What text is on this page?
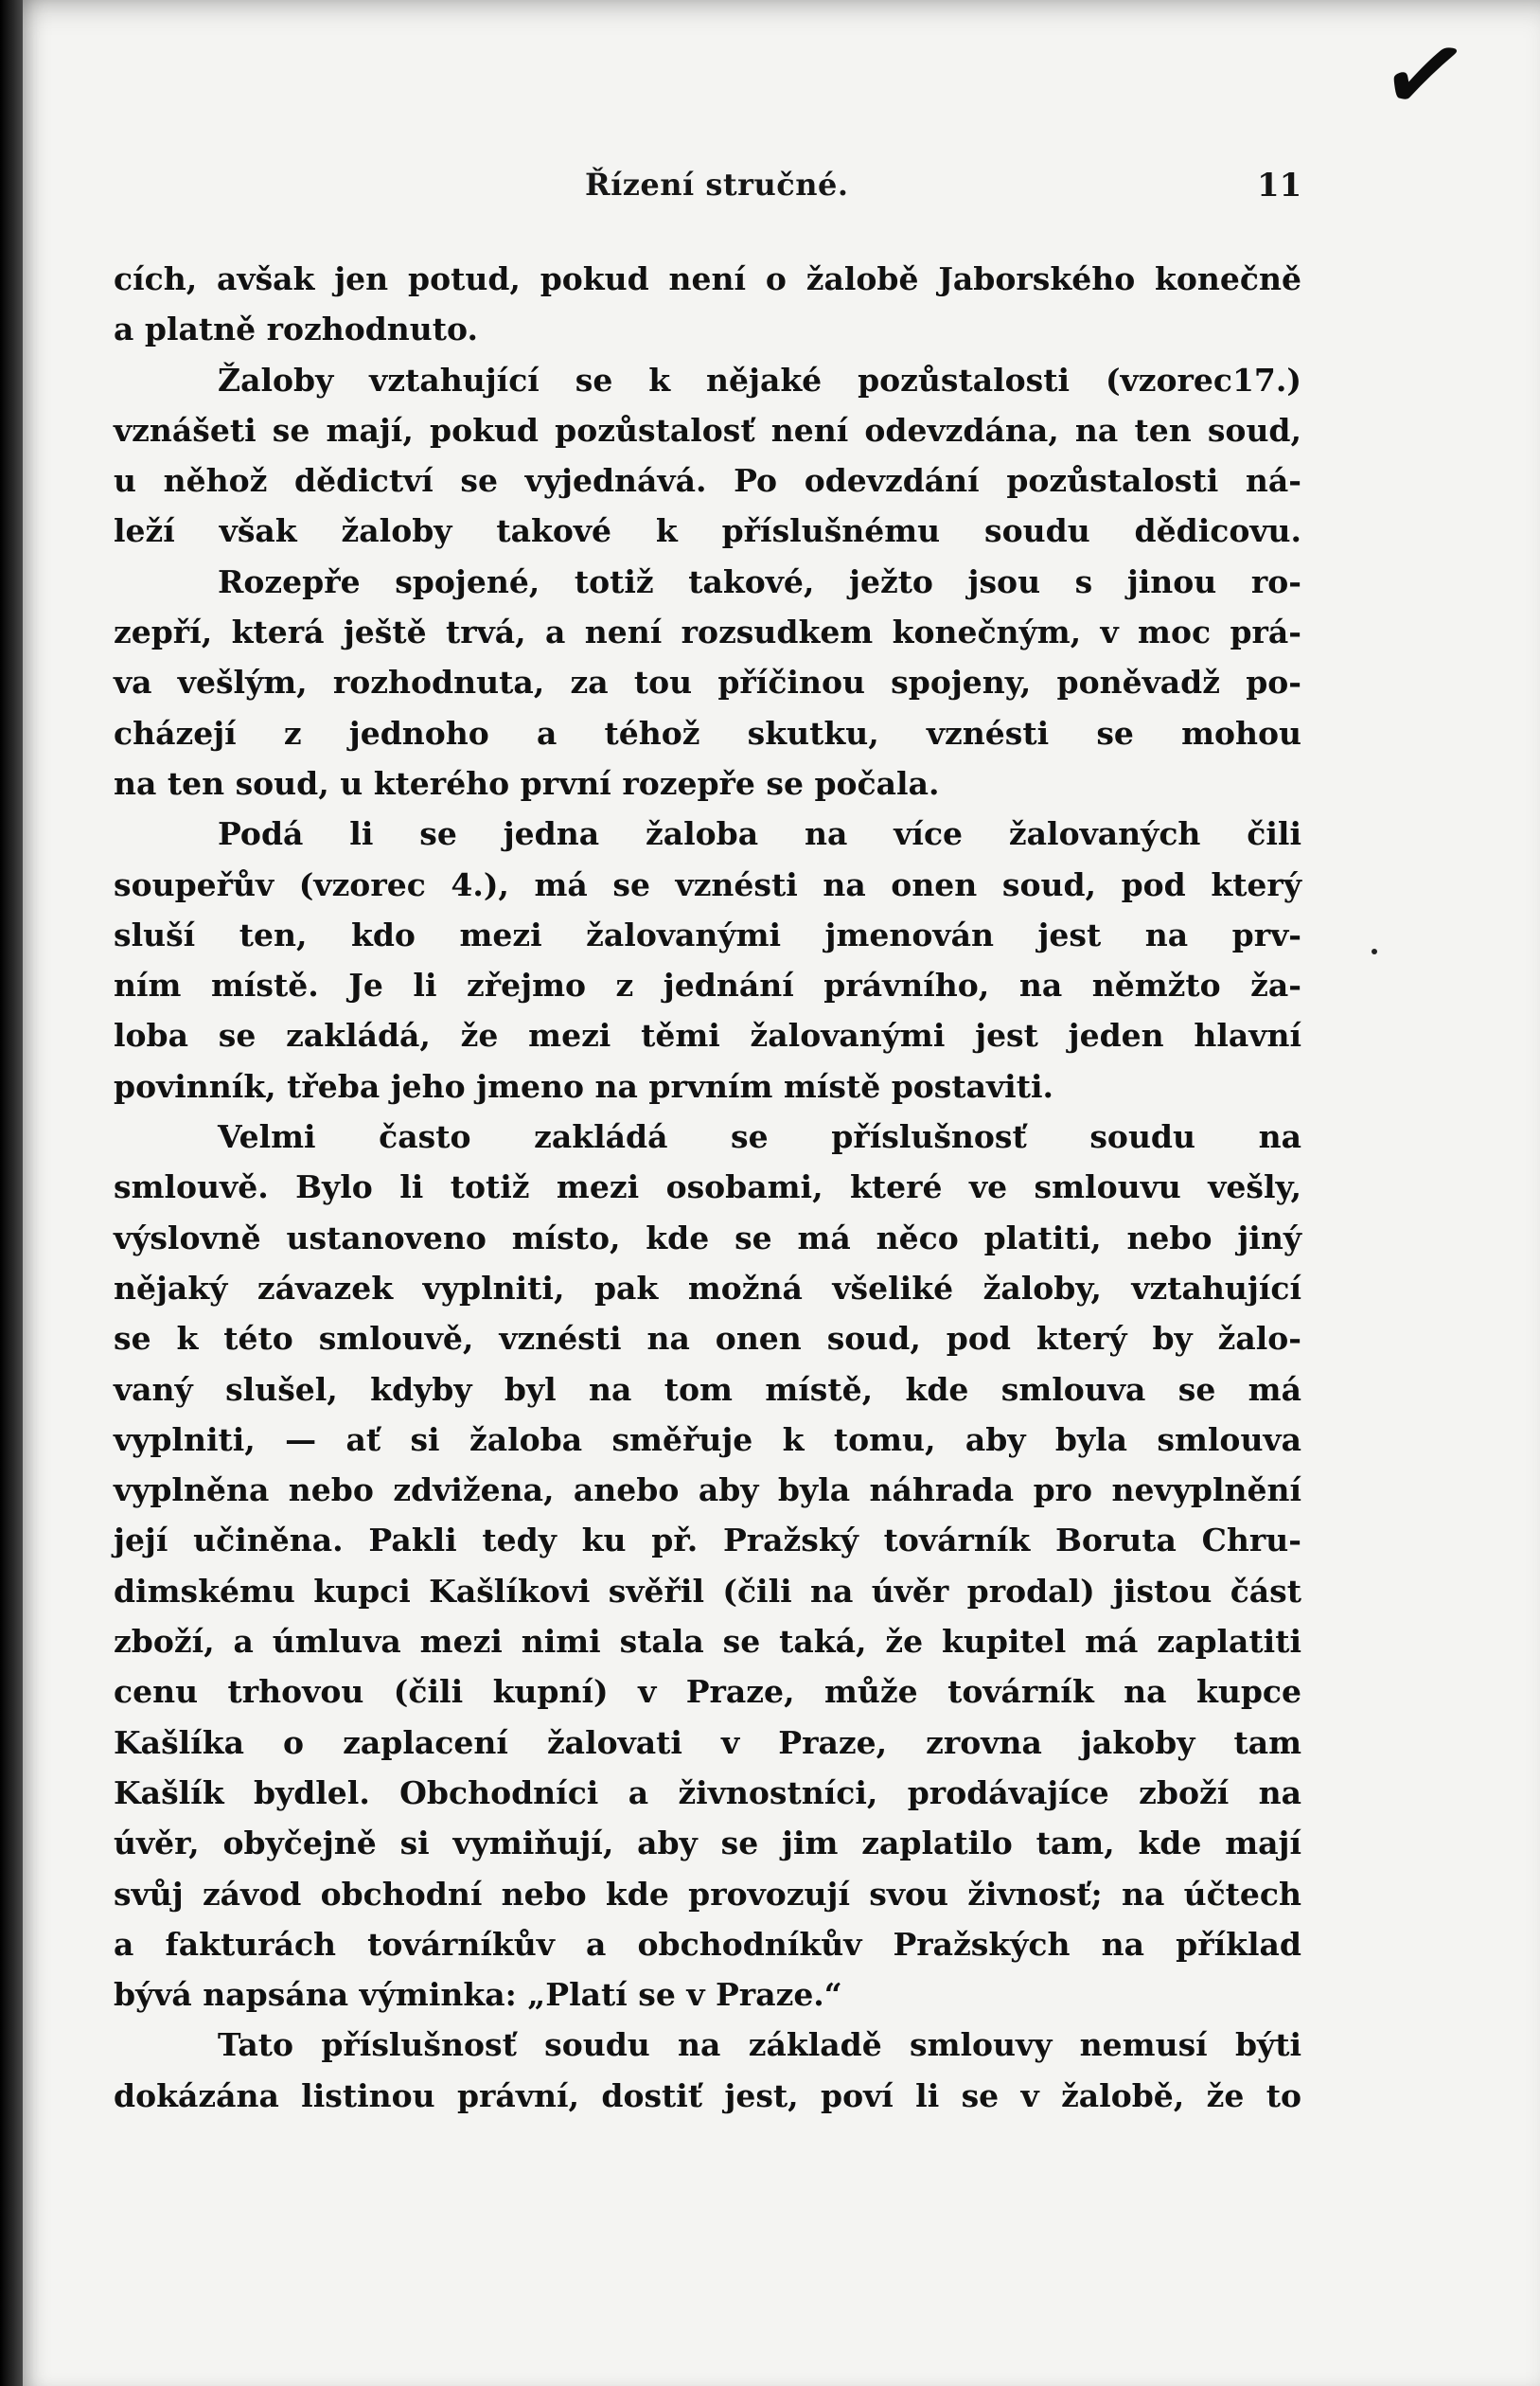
✓
Řízení stručné.	11
cích, avšak jen potud, pokud není o žalobě Jaborského konečně
a platně rozhodnuto.
Žaloby vztahující se k nějaké pozůstalosti (vzorec17.)
vznášeti se mají, pokud pozůstalosť není odevzdána, na ten soud,
u něhož dědictví se vyjednává. Po odevzdání pozůstalosti ná-
leží však žaloby takové k příslušnému soudu dědicovu.
Rozepře spojené, totiž takové, ježto jsou s jinou ro-
zepří, která ještě trvá, a není rozsudkem konečným, v moc prá-
va vešlým, rozhodnuta, za tou příčinou spojeny, poněvadž po-
cházejí z jednoho a téhož skutku, vznésti se mohou
na ten soud, u kterého první rozepře se počala.
Podá li se jedna žaloba na více žalovaných čili
soupeřův (vzorec 4.), má se vznésti na onen soud, pod který
sluší ten, kdo mezi žalovanými jmenován jest na prv-
ním místě. Je li zřejmo z jednání právního, na němžto ža-
loba se zakládá, že mezi těmi žalovanými jest jeden hlavní
povinník, třeba jeho jmeno na prvním místě postaviti.
Velmi často zakládá se příslušnosť soudu na
smlouvě. Bylo li totiž mezi osobami, které ve smlouvu vešly,
výslovně ustanoveno místo, kde se má něco platiti, nebo jiný
nějaký závazek vyplniti, pak možná všeliké žaloby, vztahující
se k této smlouvě, vznésti na onen soud, pod který by žalo-
vaný slušel, kdyby byl na tom místě, kde smlouva se má
vyplniti, — ať si žaloba směřuje k tomu, aby byla smlouva
vyplněna nebo zdvižena, anebo aby byla náhrada pro nevyplnění
její učiněna. Pakli tedy ku př. Pražský továrník Boruta Chru-
dimskému kupci Kašlíkovi svěřil (čili na úvěr prodal) jistou část
zboží, a úmluva mezi nimi stala se taká, že kupitel má zaplatiti
cenu trhovou (čili kupní) v Praze, může továrník na kupce
Kašlíka o zaplacení žalovati v Praze, zrovna jakoby tam
Kašlík bydlel. Obchodníci a živnostníci, prodávajíce zboží na
úvěr, obyčejně si vymiňují, aby se jim zaplatilo tam, kde mají
svůj závod obchodní nebo kde provozují svou živnosť; na účtech
a fakturách továrníkův a obchodníkův Pražských na příklad
bývá napsána výminka: „Platí se v Praze.“
Tato příslušnosť soudu na základě smlouvy nemusí býti
dokázána listinou právní, dostiť jest, poví li se v žalobě, že to
